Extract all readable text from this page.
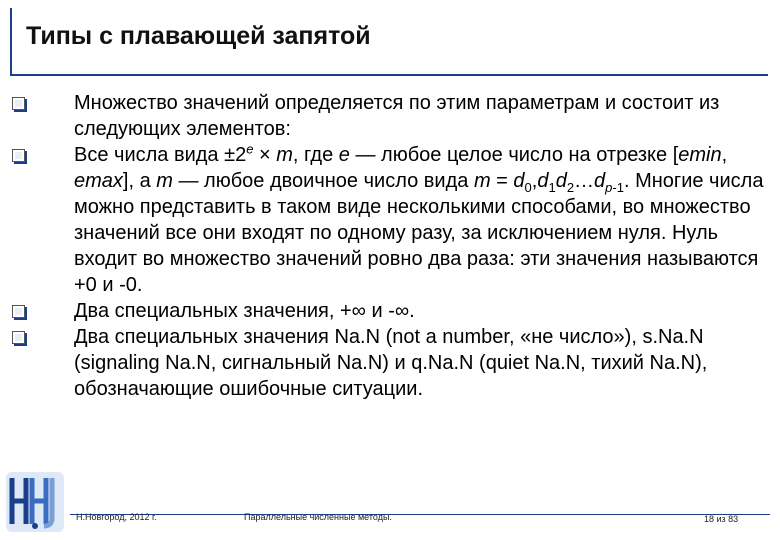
Типы с плавающей запятой
Множество значений определяется по этим параметрам и состоит из следующих элементов:
Все числа вида $\pm 2^e \times m$, где e — любое целое число на отрезке [emin, emax], а m — любое двоичное число вида $m = d_0,d_1d_2\dots d_{p-1}$. Многие числа можно представить в таком виде несколькими способами, во множество значений все они входят по одному разу, за исключением нуля. Нуль входит во множество значений ровно два раза: эти значения называются +0 и -0.
Два специальных значения, +∞ и -∞.
Два специальных значения Na.N (not a number, «не число»), s.Na.N (signaling Na.N, сигнальный Na.N) и q.Na.N (quiet Na.N, тихий Na.N), обозначающие ошибочные ситуации.
Н.Новгород, 2012 г.	Параллельные численные методы.	18 из 83
